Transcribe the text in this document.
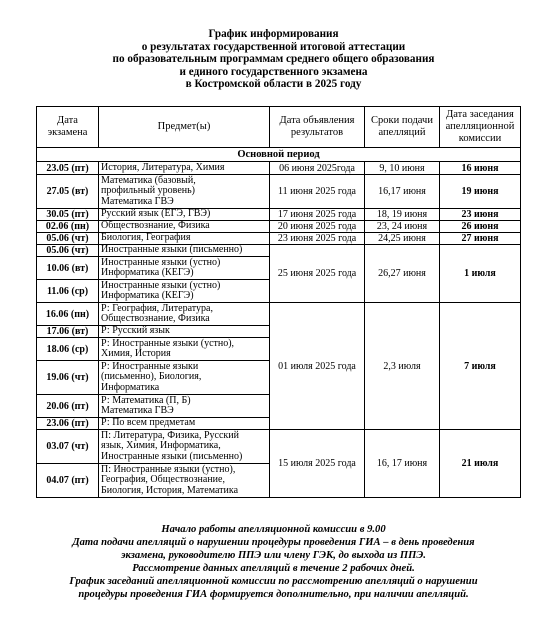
График информирования
о результатах государственной итоговой аттестации
по образовательным программам среднего общего образования
и единого государственного экзамена
в Костромской области в 2025 году
Дата экзамена	Предмет(ы)	Дата объявления результатов	Сроки подачи апелляций	Дата заседания апелляционной комиссии
Основной период				
23.05 (пт)	История, Литература, Химия	06 июня 2025года	9, 10 июня	16 июня
27.05 (вт)	Математика (базовый,
профильный уровень)
Математика ГВЭ	11 июня 2025 года	16,17 июня	19 июня
30.05 (пт)	Русский язык (ЕГЭ, ГВЭ)	17 июня 2025 года	18, 19 июня	23 июня
02.06 (пн)	Обществознание, Физика	20 июня 2025 года	23, 24 июня	26 июня
05.06 (чт)	Биология, География	23 июня 2025 года	24,25 июня	27 июня
05.06 (чт)	Иностранные языки (письменно)	25 июня 2025 года	26,27 июня	1 июля
10.06 (вт)	Иностранные языки (устно)
Информатика (КЕГЭ)			

11.06 (ср)	Иностранные языки (устно)
Информатика (КЕГЭ)			

16.06 (пн)	Р: География, Литература,
Обществознание, Физика	01 июля 2025 года	2,3 июля	7 июля
17.06 (вт)	Р: Русский язык			

18.06 (ср)	Р: Иностранные языки (устно),
Химия, История			

19.06 (чт)	Р: Иностранные языки
(письменно), Биология,
Информатика			

20.06 (пт)	Р: Математика (П, Б)
Математика ГВЭ			

23.06 (пт)	Р: По всем предметам			

03.07 (чт)	П: Литература, Физика, Русский
язык, Химия, Информатика,
Иностранные языки (письменно)	15 июля 2025 года	16, 17 июня	21 июля
04.07 (пт)	П: Иностранные языки (устно),
География, Обществознание,
Биология, История, Математика			
Начало работы апелляционной комиссии в 9.00
Дата подачи апелляций о нарушении процедуры проведения ГИА – в день проведения
экзамена, руководителю ППЭ или члену ГЭК, до выхода из ППЭ.
Рассмотрение данных апелляций в течение 2 рабочих дней.
График заседаний апелляционной комиссии по рассмотрению апелляций о нарушении
процедуры проведения ГИА формируется дополнительно, при наличии апелляций.
